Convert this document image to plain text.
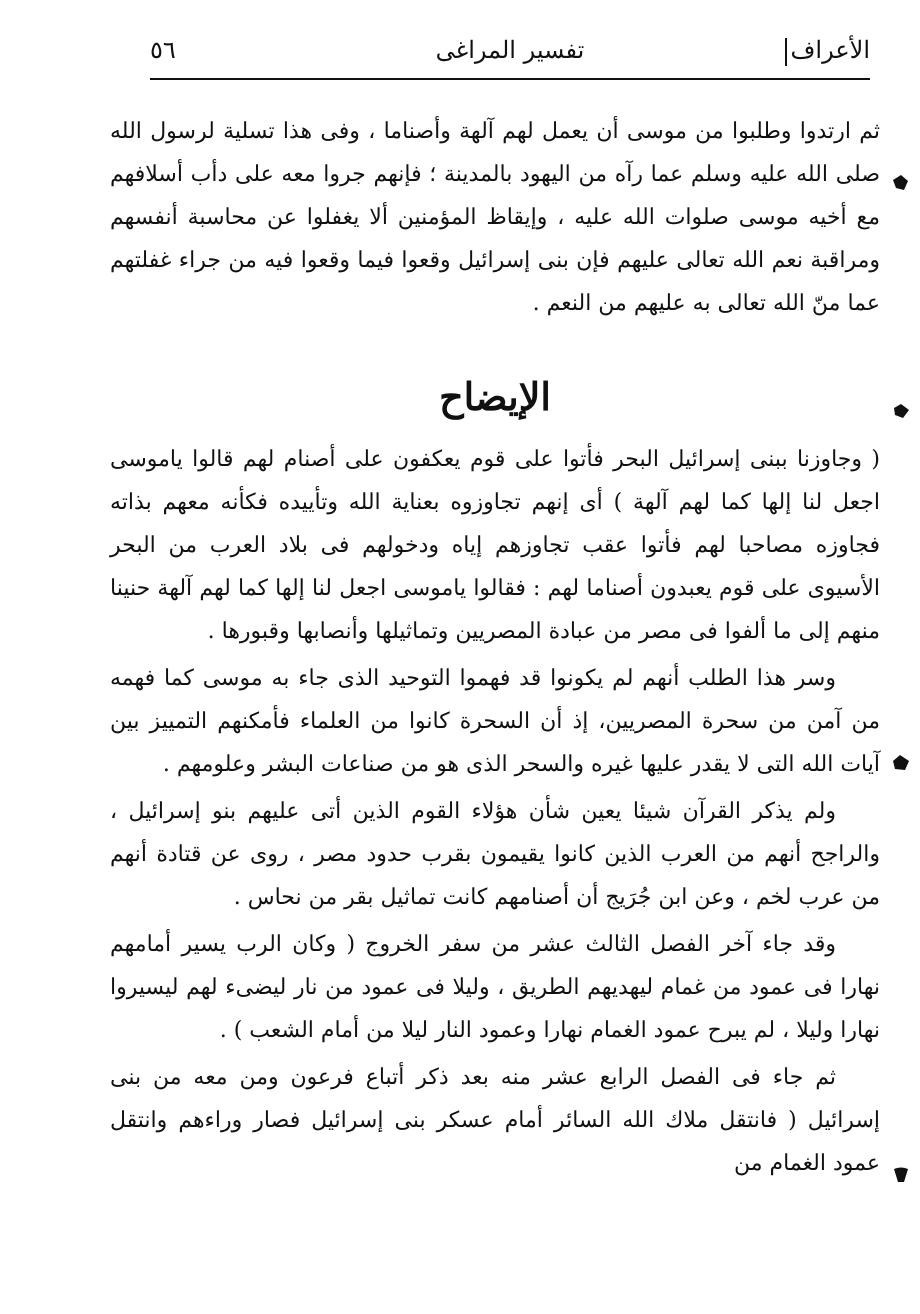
الأعراف
تفسير المراغى
٥٦

ثم ارتدوا وطلبوا من موسى أن يعمل لهم آلهة وأصناما ، وفى هذا تسلية لرسول الله صلى الله عليه وسلم عما رآه من اليهود بالمدينة ؛ فإنهم جروا معه على دأب أسلافهم مع أخيه موسى صلوات الله عليه ، وإيقاظ المؤمنين ألا يغفلوا عن محاسبة أنفسهم ومراقبة نعم الله تعالى عليهم فإن بنى إسرائيل وقعوا فيما وقعوا فيه من جراء غفلتهم عما منّ الله تعالى به عليهم من النعم .

الإيضاح

( وجاوزنا ببنى إسرائيل البحر فأتوا على قوم يعكفون على أصنام لهم قالوا ياموسى اجعل لنا إلها كما لهم آلهة ) أى إنهم تجاوزوه بعناية الله وتأييده فكأنه معهم بذاته فجاوزه مصاحبا لهم فأتوا عقب تجاوزهم إياه ودخولهم فى بلاد العرب من البحر الأسيوى على قوم يعبدون أصناما لهم : فقالوا ياموسى اجعل لنا إلها كما لهم آلهة حنينا منهم إلى ما ألفوا فى مصر من عبادة المصريين وتماثيلها وأنصابها وقبورها .

وسر هذا الطلب أنهم لم يكونوا قد فهموا التوحيد الذى جاء به موسى كما فهمه من آمن من سحرة المصريين، إذ أن السحرة كانوا من العلماء فأمكنهم التمييز بين آيات الله التى لا يقدر عليها غيره والسحر الذى هو من صناعات البشر وعلومهم .

ولم يذكر القرآن شيئا يعين شأن هؤلاء القوم الذين أتى عليهم بنو إسرائيل ، والراجح أنهم من العرب الذين كانوا يقيمون بقرب حدود مصر ، روى عن قتادة أنهم من عرب لخم ، وعن ابن جُرَيج أن أصنامهم كانت تماثيل بقر من نحاس .

وقد جاء آخر الفصل الثالث عشر من سفر الخروج ( وكان الرب يسير أمامهم نهارا فى عمود من غمام ليهديهم الطريق ، وليلا فى عمود من نار ليضىء لهم ليسيروا نهارا وليلا ، لم يبرح عمود الغمام نهارا وعمود النار ليلا من أمام الشعب ) .

ثم جاء فى الفصل الرابع عشر منه بعد ذكر أتباع فرعون ومن معه من بنى إسرائيل ( فانتقل ملاك الله السائر أمام عسكر بنى إسرائيل فصار وراءهم وانتقل عمود الغمام من
